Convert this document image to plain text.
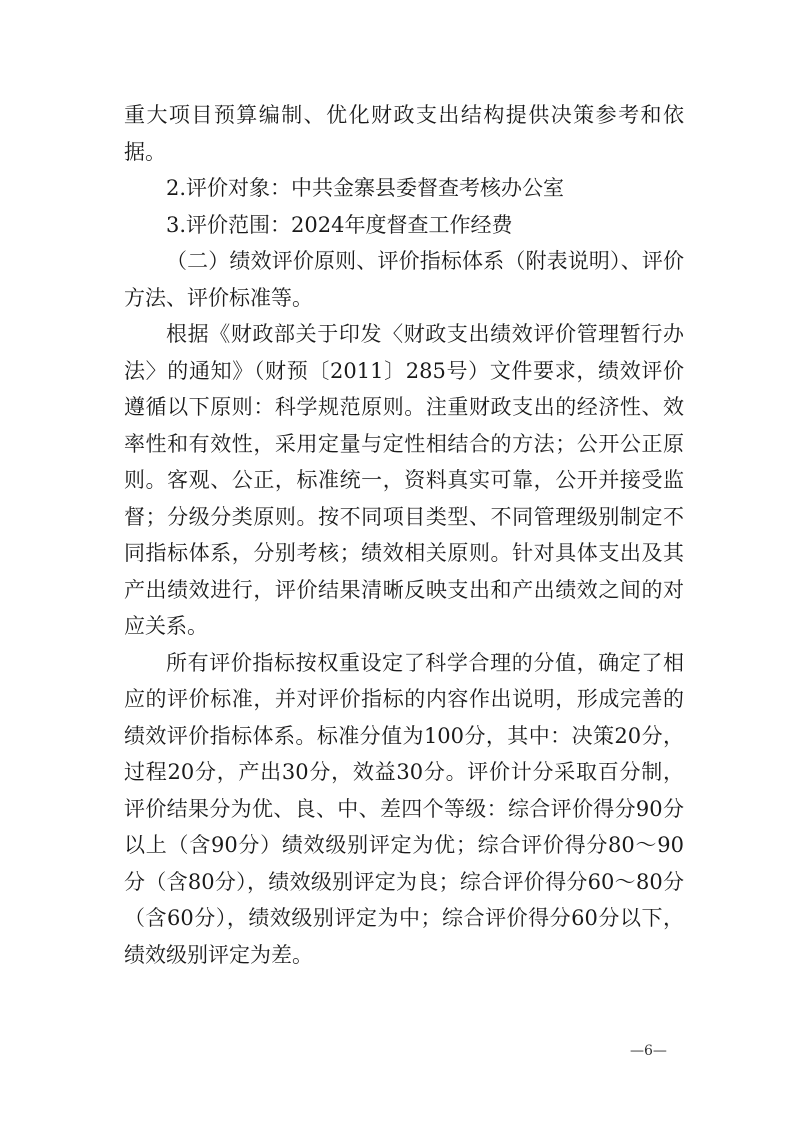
重大项目预算编制、优化财政支出结构提供决策参考和依据。

2.评价对象：中共金寨县委督查考核办公室

3.评价范围：2024年度督查工作经费

（二）绩效评价原则、评价指标体系（附表说明）、评价方法、评价标准等。

根据《财政部关于印发〈财政支出绩效评价管理暂行办法〉的通知》（财预〔2011〕285号）文件要求，绩效评价遵循以下原则：科学规范原则。注重财政支出的经济性、效率性和有效性，采用定量与定性相结合的方法；公开公正原则。客观、公正，标准统一，资料真实可靠，公开并接受监督；分级分类原则。按不同项目类型、不同管理级别制定不同指标体系，分别考核；绩效相关原则。针对具体支出及其产出绩效进行，评价结果清晰反映支出和产出绩效之间的对应关系。

所有评价指标按权重设定了科学合理的分值，确定了相应的评价标准，并对评价指标的内容作出说明，形成完善的绩效评价指标体系。标准分值为100分，其中：决策20分，过程20分，产出30分，效益30分。评价计分采取百分制，评价结果分为优、良、中、差四个等级：综合评价得分90分以上（含90分）绩效级别评定为优；综合评价得分80～90分（含80分），绩效级别评定为良；综合评价得分60～80分（含60分），绩效级别评定为中；综合评价得分60分以下，绩效级别评定为差。

—6—
